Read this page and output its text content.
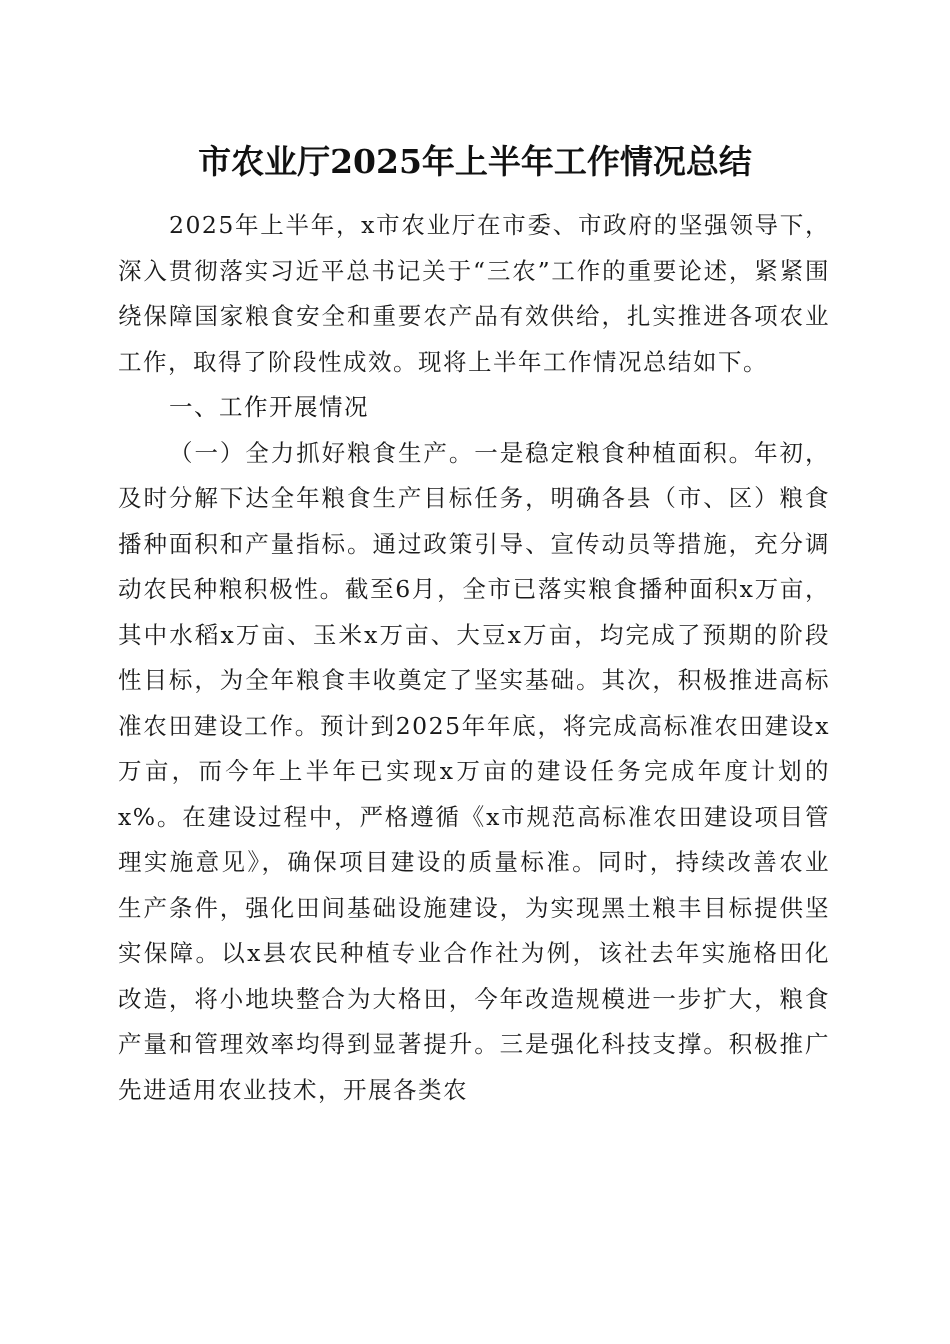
市农业厅2025年上半年工作情况总结

2025年上半年，x市农业厅在市委、市政府的坚强领导下，深入贯彻落实习近平总书记关于“三农”工作的重要论述，紧紧围绕保障国家粮食安全和重要农产品有效供给，扎实推进各项农业工作，取得了阶段性成效。现将上半年工作情况总结如下。

一、工作开展情况

（一）全力抓好粮食生产。一是稳定粮食种植面积。年初，及时分解下达全年粮食生产目标任务，明确各县（市、区）粮食播种面积和产量指标。通过政策引导、宣传动员等措施，充分调动农民种粮积极性。截至6月，全市已落实粮食播种面积x万亩，其中水稻x万亩、玉米x万亩、大豆x万亩，均完成了预期的阶段性目标，为全年粮食丰收奠定了坚实基础。其次，积极推进高标准农田建设工作。预计到2025年年底，将完成高标准农田建设x万亩，而今年上半年已实现x万亩的建设任务完成年度计划的x%。在建设过程中，严格遵循《x市规范高标准农田建设项目管理实施意见》，确保项目建设的质量标准。同时，持续改善农业生产条件，强化田间基础设施建设，为实现黑土粮丰目标提供坚实保障。以x县农民种植专业合作社为例，该社去年实施格田化改造，将小地块整合为大格田，今年改造规模进一步扩大，粮食产量和管理效率均得到显著提升。三是强化科技支撑。积极推广先进适用农业技术，开展各类农
